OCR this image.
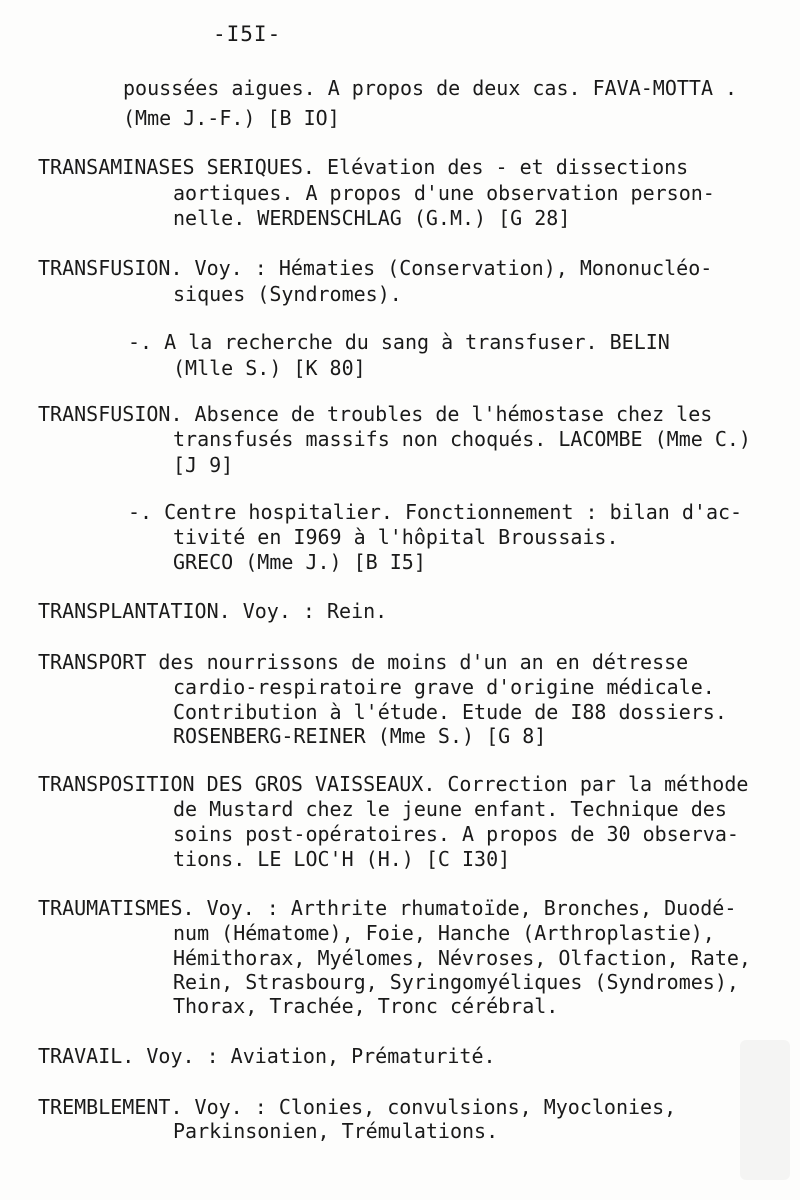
-I5I-
poussées aigues. A propos de deux cas. FAVA-MOTTA .
(Mme J.-F.) [B IO]
TRANSAMINASES SERIQUES. Elévation des - et dissections
aortiques. A propos d'une observation person-
nelle. WERDENSCHLAG (G.M.) [G 28]
TRANSFUSION. Voy. : Hématies (Conservation), Mononucléo-
siques (Syndromes).
-. A la recherche du sang à transfuser. BELIN
(Mlle S.) [K 80]
TRANSFUSION. Absence de troubles de l'hémostase chez les
transfusés massifs non choqués. LACOMBE (Mme C.)
[J 9]
-. Centre hospitalier. Fonctionnement : bilan d'ac-
tivité en I969 à l'hôpital Broussais.
GRECO (Mme J.) [B I5]
TRANSPLANTATION. Voy. : Rein.
TRANSPORT des nourrissons de moins d'un an en détresse
cardio-respiratoire grave d'origine médicale.
Contribution à l'étude. Etude de I88 dossiers.
ROSENBERG-REINER (Mme S.) [G 8]
TRANSPOSITION DES GROS VAISSEAUX. Correction par la méthode
de Mustard chez le jeune enfant. Technique des
soins post-opératoires. A propos de 30 observa-
tions. LE LOC'H (H.) [C I30]
TRAUMATISMES. Voy. : Arthrite rhumatoïde, Bronches, Duodé-
num (Hématome), Foie, Hanche (Arthroplastie),
Hémithorax, Myélomes, Névroses, Olfaction, Rate,
Rein, Strasbourg, Syringomyéliques (Syndromes),
Thorax, Trachée, Tronc cérébral.
TRAVAIL. Voy. : Aviation, Prématurité.
TREMBLEMENT. Voy. : Clonies, convulsions, Myoclonies,
Parkinsonien, Trémulations.
